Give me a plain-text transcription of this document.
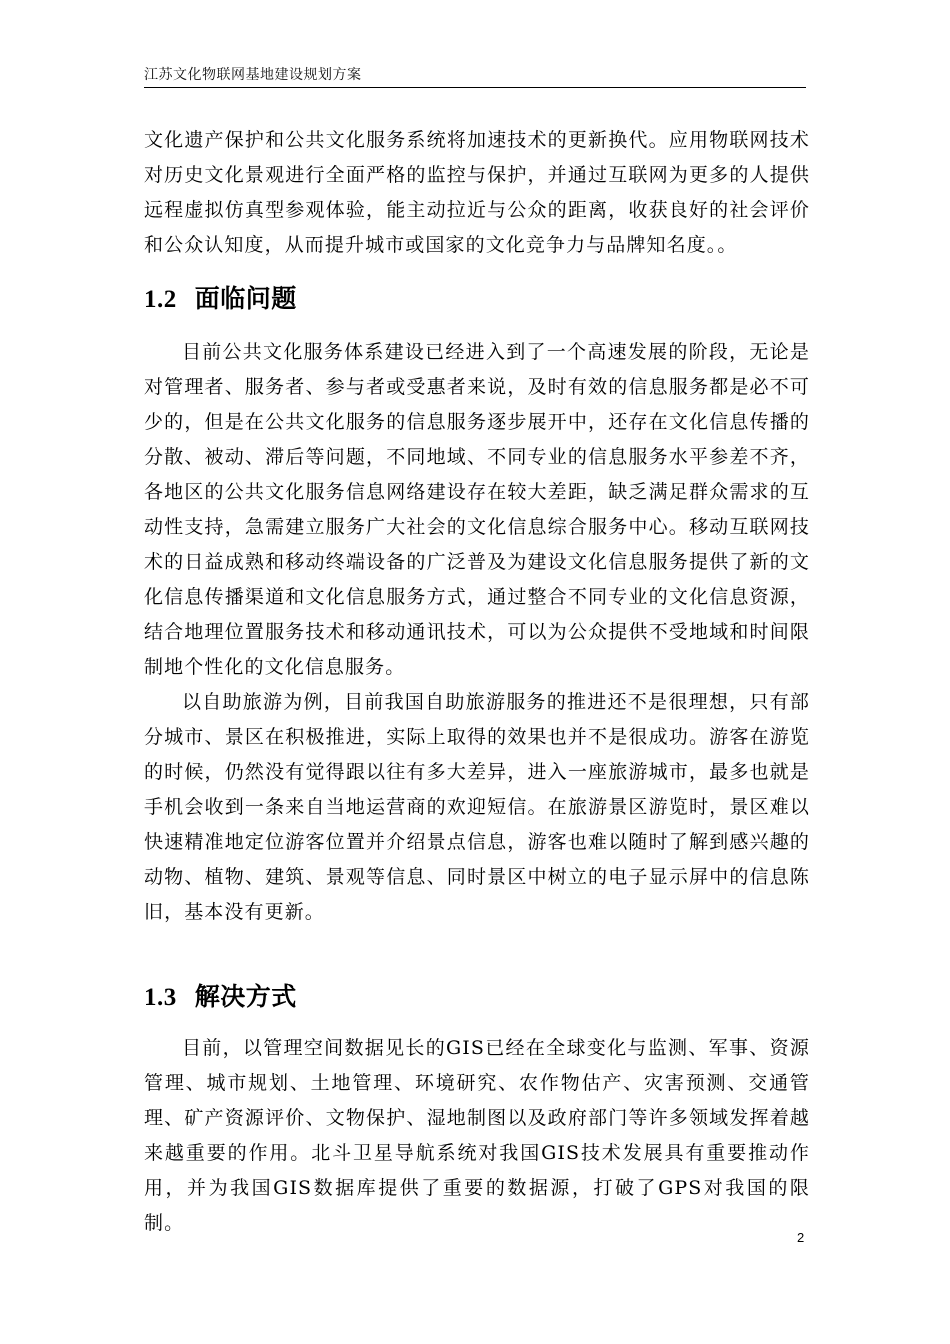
江苏文化物联网基地建设规划方案

文化遗产保护和公共文化服务系统将加速技术的更新换代。应用物联网技术对历史文化景观进行全面严格的监控与保护，并通过互联网为更多的人提供远程虚拟仿真型参观体验，能主动拉近与公众的距离，收获良好的社会评价和公众认知度，从而提升城市或国家的文化竞争力与品牌知名度。。

1.2 面临问题

目前公共文化服务体系建设已经进入到了一个高速发展的阶段，无论是对管理者、服务者、参与者或受惠者来说，及时有效的信息服务都是必不可少的，但是在公共文化服务的信息服务逐步展开中，还存在文化信息传播的分散、被动、滞后等问题，不同地域、不同专业的信息服务水平参差不齐，各地区的公共文化服务信息网络建设存在较大差距，缺乏满足群众需求的互动性支持，急需建立服务广大社会的文化信息综合服务中心。移动互联网技术的日益成熟和移动终端设备的广泛普及为建设文化信息服务提供了新的文化信息传播渠道和文化信息服务方式，通过整合不同专业的文化信息资源，结合地理位置服务技术和移动通讯技术，可以为公众提供不受地域和时间限制地个性化的文化信息服务。

以自助旅游为例，目前我国自助旅游服务的推进还不是很理想，只有部分城市、景区在积极推进，实际上取得的效果也并不是很成功。游客在游览的时候，仍然没有觉得跟以往有多大差异，进入一座旅游城市，最多也就是手机会收到一条来自当地运营商的欢迎短信。在旅游景区游览时，景区难以快速精准地定位游客位置并介绍景点信息，游客也难以随时了解到感兴趣的动物、植物、建筑、景观等信息、同时景区中树立的电子显示屏中的信息陈旧，基本没有更新。

1.3 解决方式

目前，以管理空间数据见长的GIS已经在全球变化与监测、军事、资源管理、城市规划、土地管理、环境研究、农作物估产、灾害预测、交通管理、矿产资源评价、文物保护、湿地制图以及政府部门等许多领域发挥着越来越重要的作用。北斗卫星导航系统对我国GIS技术发展具有重要推动作用，并为我国GIS数据库提供了重要的数据源，打破了GPS对我国的限制。

2
